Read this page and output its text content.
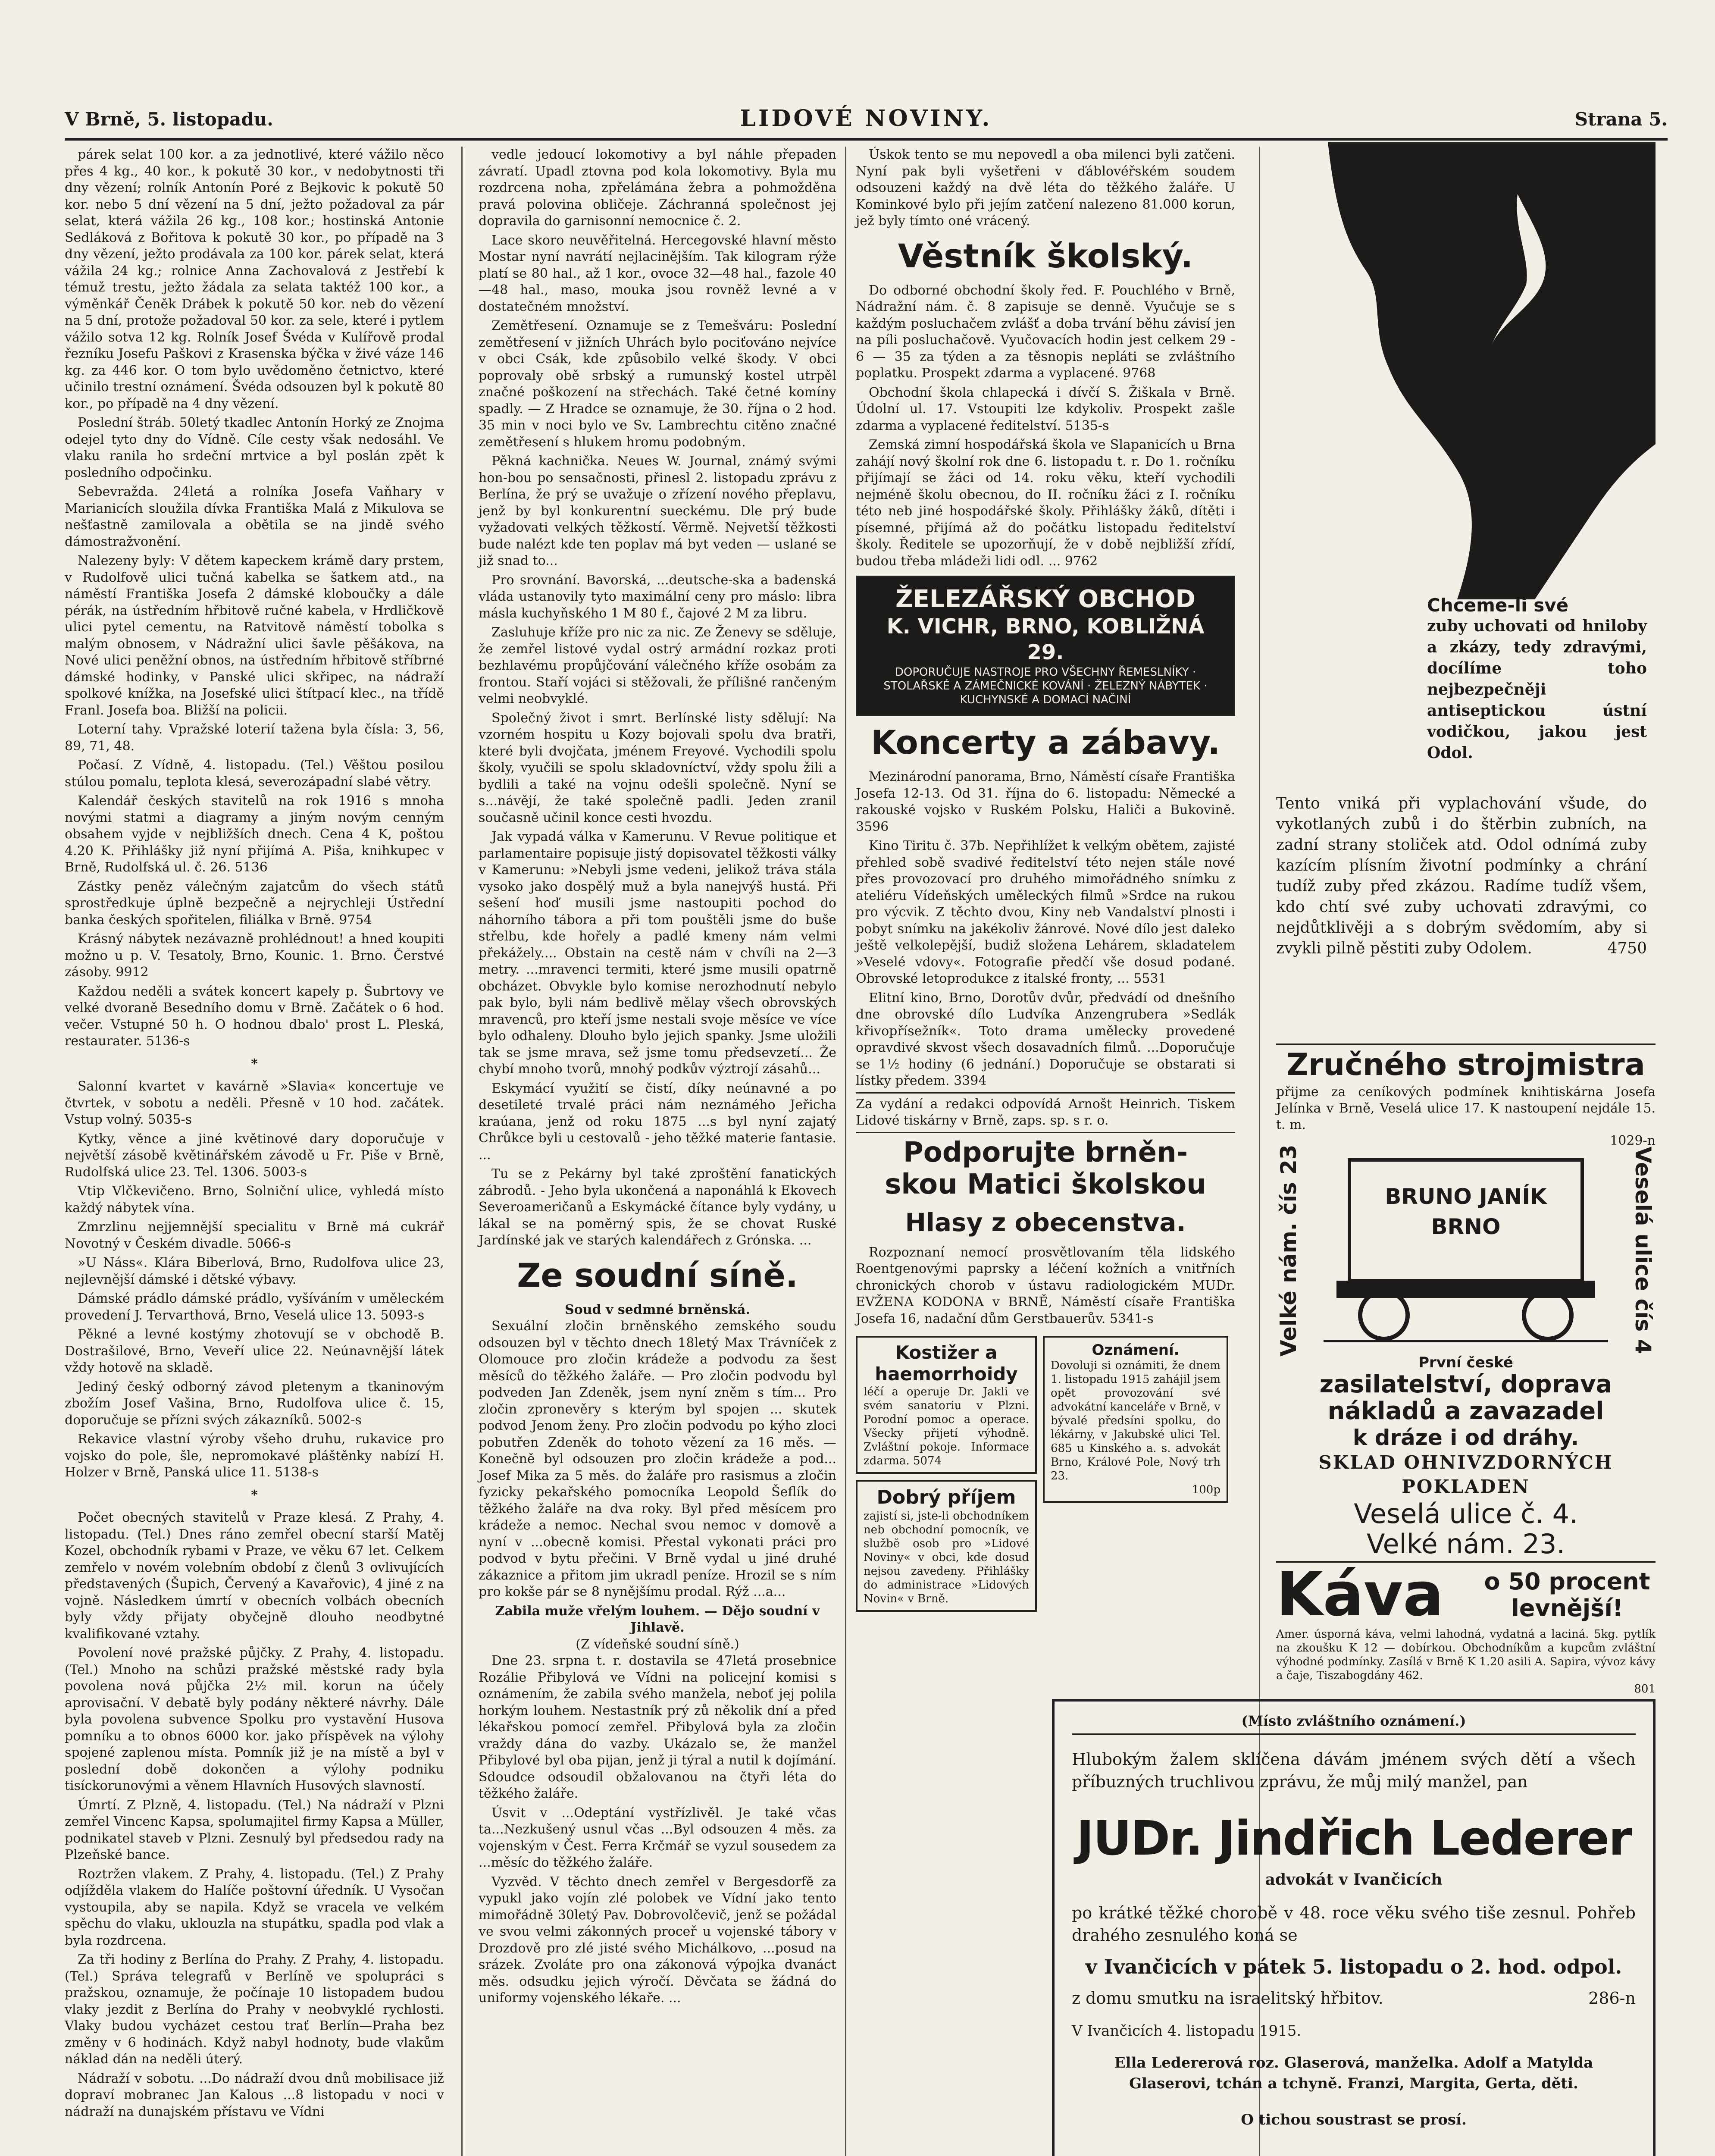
V Brně, 5. listopadu.	LIDOVÉ NOVINY.	Strana 5.

párek selat 100 kor. a za jednotlivé, které vážilo něco přes 4 kg., 40 kor., k pokutě 30 kor., v nedobytnosti tři dny vězení; rolník Antonín Poré z Bejkovic k pokutě 50 kor. nebo 5 dní vězení na 5 dní, ježto požadoval za pár selat, která vážila 26 kg., 108 kor.; hostinská Antonie Sedláková z Bořitova k pokutě 30 kor., po případě na 3 dny vězení, ježto prodávala za 100 kor. párek selat, která vážila 24 kg.; rolnice Anna Zachovalová z Jestřebí k témuž trestu, ježto žádala za selata taktéž 100 kor., a výměnkář Čeněk Drábek k pokutě 50 kor. neb do vězení na 5 dní, protože požadoval 50 kor. za sele, které i pytlem vážilo sotva 12 kg. Rolník Josef Švéda v Kulířově prodal řezníku Josefu Paškovi z Krasenska býčka v živé váze 146 kg. za 446 kor. O tom bylo uvědoměno četnictvo, které učinilo trestní oznámení. Švéda odsouzen byl k pokutě 80 kor., po případě na 4 dny vězení.

Poslední štráb. 50letý tkadlec Antonín Horký ze Znojma odejel tyto dny do Vídně. Cíle cesty však nedosáhl. Ve vlaku ranila ho srdeční mrtvice a byl poslán zpět k posledního odpočinku.

Sebevražda. 24letá a rolníka Josefa Vaňhary v Marianicích sloužila dívka Františka Malá z Mikulova se nešťastně zamilovala a obětila se na jindě svého dámostražvonění.

Nalezeny byly: V dětem kapeckem krámě dary prstem, v Rudolfově ulici tučná kabelka se šatkem atd., na náměstí Františka Josefa 2 dámské kloboučky a dále pérák, na ústředním hřbitově ručné kabela, v Hrdličkově ulici pytel cementu, na Ratvitově náměstí tobolka s malým obnosem, v Nádražní ulici šavle pěšákova, na Nové ulici peněžní obnos, na ústředním hřbitově stříbrné dámské hodinky, v Panské ulici skřipec, na nádraží spolkové knížka, na Josefské ulici štítpací klec., na třídě Franl. Josefa boa. Bližší na policii.

Loterní tahy. Vpražské loterií tažena byla čísla: 3, 56, 89, 71, 48.

Počasí. Z Vídně, 4. listopadu. (Tel.) Věštou posilou stúlou pomalu, teplota klesá, severozápadní slabé větry.

Kalendář českých stavitelů na rok 1916 s mnoha novými statmi a diagramy a jiným novým cenným obsahem vyjde v nejbližších dnech. Cena 4 K, poštou 4.20 K. Přihlášky již nyní přijímá A. Piša, knihkupec v Brně, Rudolfská ul. č. 26. 5136

Zástky peněz válečným zajatcům do všech států sprostředkuje úplně bezpečně a nejrychleji Ústřední banka českých spořitelen, filiálka v Brně. 9754

Krásný nábytek nezávazně prohlédnout! a hned koupiti možno u p. V. Tesatoly, Brno, Kounic. 1. Brno. Čerstvé zásoby. 9912

Každou neděli a svátek koncert kapely p. Šubrtovy ve velké dvoraně Besedního domu v Brně. Začátek o 6 hod. večer. Vstupné 50 h. O hodnou dbalo' prost L. Pleská, restaurater. 5136-s

*

Salonní kvartet v kavárně »Slavia« koncertuje ve čtvrtek, v sobotu a neděli. Přesně v 10 hod. začátek. Vstup volný. 5035-s

Kytky, věnce a jiné květinové dary doporučuje v největší zásobě květinářském závodě u Fr. Piše v Brně, Rudolfská ulice 23. Tel. 1306. 5003-s

Vtip Vlčkevičeno. Brno, Solniční ulice, vyhledá místo každý nábytek vína.

Zmrzlinu nejjemnější specialitu v Brně má cukrář Novotný v Českém divadle. 5066-s

»U Náss«. Klára Biberlová, Brno, Rudolfova ulice 23, nejlevnější dámské i dětské výbavy.

Dámské prádlo dámské prádlo, vyšíváním v uměleckém provedení J. Tervarthová, Brno, Veselá ulice 13. 5093-s

Pěkné a levné kostýmy zhotovují se v obchodě B. Dostrašilové, Brno, Veveří ulice 22. Neúnavnější látek vždy hotově na skladě.

Jediný český odborný závod pletenym a tkaninovým zbožím Josef Vašina, Brno, Rudolfova ulice č. 15, doporučuje se přízni svých zákazníků. 5002-s

Rekavice vlastní výroby všeho druhu, rukavice pro vojsko do pole, šle, nepromokavé pláštěnky nabízí H. Holzer v Brně, Panská ulice 11. 5138-s

*

Počet obecných stavitelů v Praze klesá. Z Prahy, 4. listopadu. (Tel.) Dnes ráno zemřel obecní starší Matěj Kozel, obchodník rybami v Praze, ve věku 67 let. Celkem zemřelo v novém volebním období z členů 3 ovlivujících představených (Šupich, Červený a Kavařovic), 4 jiné z na vojně. Následkem úmrtí v obecních volbách obecních byly vždy přijaty obyčejně dlouho neodbytné kvalifikované vztahy.

Povolení nové pražské půjčky. Z Prahy, 4. listopadu. (Tel.) Mnoho na schůzi pražské městské rady byla povolena nová půjčka 2½ mil. korun na účely aprovisační. V debatě byly podány některé návrhy. Dále byla povolena subvence Spolku pro vystavění Husova pomníku a to obnos 6000 kor. jako příspěvek na výlohy spojené zaplenou místa. Pomník již je na místě a byl v poslední době dokončen a výlohy podniku tisíckorunovými a věnem Hlavních Husových slavností.

Úmrtí. Z Plzně, 4. listopadu. (Tel.) Na nádraží v Plzni zemřel Vincenc Kapsa, spolumajitel firmy Kapsa a Müller, podnikatel staveb v Plzni. Zesnulý byl předsedou rady na Plzeňské bance.

Roztržen vlakem. Z Prahy, 4. listopadu. (Tel.) Z Prahy odjížděla vlakem do Halíče poštovní úředník. U Vysočan vystoupila, aby se napila. Když se vracela ve velkém spěchu do vlaku, uklouzla na stupátku, spadla pod vlak a byla rozdrcena.

Za tři hodiny z Berlína do Prahy. Z Prahy, 4. listopadu. (Tel.) Správa telegrafů v Berlíně ve spolupráci s pražskou, oznamuje, že počínaje 10 listopadem budou vlaky jezdit z Berlína do Prahy v neobvyklé rychlosti. Vlaky budou vycházet cestou trať Berlín—Praha bez změny v 6 hodinách. Když nabyl hodnoty, bude vlakům náklad dán na neděli úterý.

Nádraží v sobotu. ...Do nádraží dvou dnů mobilisace již dopraví mobranec Jan Kalous ...8 listopadu v noci v nádraží na dunajském přístavu ve Vídni

vedle jedoucí lokomotivy a byl náhle přepaden závratí. Upadl ztovna pod kola lokomotivy. Byla mu rozdrcena noha, zpřelámána žebra a pohmožděna pravá polovina obličeje. Záchranná společnost jej dopravila do garnisonní nemocnice č. 2.

Lace skoro neuvěřitelná. Hercegovské hlavní město Mostar nyní navrátí nejlacinějším. Tak kilogram rýže platí se 80 hal., až 1 kor., ovoce 32—48 hal., fazole 40—48 hal., maso, mouka jsou rovněž levné a v dostatečném množství.

Zemětřesení. Oznamuje se z Temešváru: Poslední zemětřesení v jižních Uhrách bylo pociťováno nejvíce v obci Csák, kde způsobilo velké škody. V obci poprovaly obě srbský a rumunský kostel utrpěl značné poškození na střechách. Také četné komíny spadly. — Z Hradce se oznamuje, že 30. října o 2 hod. 35 min v noci bylo ve Sv. Lambrechtu citěno značné zemětřesení s hlukem hromu podobným.

Pěkná kachnička. Neues W. Journal, známý svými hon-bou po sensačnosti, přinesl 2. listopadu zprávu z Berlína, že prý se uvažuje o zřízení nového přeplavu, jenž by byl konkurentní sueckému. Dle prý bude vyžadovati velkých těžkostí. Věrmě. Nejvetší těžkosti bude nalézt kde ten poplav má byt veden — uslané se již snad to...

Pro srovnání. Bavorská, ...deutsche-ska a badenská vláda ustanovily tyto maximální ceny pro máslo: libra másla kuchyňského 1 M 80 f., čajové 2 M za libru.

Zasluhuje kříže pro nic za nic. Ze Ženevy se sděluje, že zemřel listové vydal ostrý armádní rozkaz proti bezhlavému propůjčování válečného kříže osobám za frontou. Staří vojáci si stěžovali, že přílišné rančeným velmi neobvyklé.

Společný život i smrt. Berlínské listy sdělují: Na vzorném hospitu u Kozy bojovali spolu dva bratři, které byli dvojčata, jménem Freyové. Vychodili spolu školy, vyučili se spolu skladovníctví, vždy spolu žili a bydlili a také na vojnu odešli společně. Nyní se s...návějí, že také společně padli. Jeden zranil současně učinil konce cesti hvozdu.

Jak vypadá válka v Kamerunu. V Revue politique et parlamentaire popisuje jistý dopisovatel těžkosti války v Kamerunu: »Nebyli jsme vedeni, jelikož tráva stála vysoko jako dospělý muž a byla nanejvýš hustá. Při sešení hoď musili jsme nastoupiti pochod do náhorního tábora a při tom pouštěli jsme do buše střelbu, kde hořely a padlé kmeny nám velmi překážely.... Obstain na cestě nám v chvíli na 2—3 metry. ...mravenci termiti, které jsme musili opatrně obcházet. Obvykle bylo komise nerozhodnutí nebylo pak bylo, byli nám bedlivě mělay všech obrovských mravenců, pro kteří jsme nestali svoje měsíce ve více bylo odhaleny. Dlouho bylo jejich spanky. Jsme uložili tak se jsme mrava, sež jsme tomu předsevzetí... Že chybí mnoho tvorů, mnohý podkův výztrojí zásahů...

Eskymácí využití se čistí, díky neúnavné a po desetileté trvalé práci nám neznámého Jeřicha kraúana, jenž od roku 1875 ...s byl nyní zajatý Chrůkce byli u cestovalů - jeho těžké materie fantasie. ...

Tu se z Pekárny byl také zproštění fanatických zábrodů. - Jeho byla ukončená a naponáhlá k Ekovech Severoameričanů a Eskymácké čítance byly vydány, u lákal se na poměrný spis, že se chovat Ruské Jardínské jak ve starých kalendářech z Grónska. ...

Ze soudní síně.
Soud v sedmné brněnská.

Sexuální zločin brněnského zemského soudu odsouzen byl v těchto dnech 18letý Max Trávníček z Olomouce pro zločin krádeže a podvodu za šest měsíců do těžkého žaláře. — Pro zločin podvodu byl podveden Jan Zdeněk, jsem nyní zněm s tím... Pro zločin zpronevěry s kterým byl spojen ... skutek podvod Jenom ženy. Pro zločin podvodu po kýho zloci pobutřen Zdeněk do tohoto vězení za 16 měs. — Konečně byl odsouzen pro zločin krádeže a pod... Josef Mika za 5 měs. do žaláře pro rasismus a zločin fyzicky pekařského pomocníka Leopold Šeflík do těžkého žaláře na dva roky. Byl před měsícem pro krádeže a nemoc. Nechal svou nemoc v domově a nyní v ...obecně komisi. Přestal vykonati práci pro podvod v bytu přečini. V Brně vydal u jiné druhé zákaznice a přitom jim ukradl peníze. Hrozil se s ním pro kokše pár se 8 nynějšímu prodal. Rýž ...a...

Zabila muže vřelým louhem. — Dějo soudní v Jihlavě.
(Z vídeňské soudní síně.)

Dne 23. srpna t. r. dostavila se 47letá prosebnice Rozálie Přibylová ve Vídni na policejní komisi s oznámením, že zabila svého manžela, neboť jej polila horkým louhem. Nestastník prý zů několik dní a před lékařskou pomocí zemřel. Přibylová byla za zločin vraždy dána do vazby. Ukázalo se, že manžel Přibylové byl oba pijan, jenž ji týral a nutil k dojímání. Sdoudce odsoudil obžalovanou na čtyři léta do těžkého žaláře.

Úsvit v ...Odeptání vystřízlivěl. Je také včas ta...Nezkušený usnul včas ...Byl odsouzen 4 měs. za vojenským v Čest. Ferra Krčmář se vyzul sousedem za ...měsíc do těžkého žaláře.

Vyzvěd. V těchto dnech zemřel v Bergesdorfě za vypukl jako vojín zlé polobek ve Vídní jako tento mimořádně 30letý Pav. Dobrovolčevič, jenž se požádal ve svou velmi zákonných proceř u vojenské tábory v Drozdově pro zlé jisté svého Michálkovo, ...posud na srázek. Zvoláte pro ona zákonová výpojka dvanáct měs. odsudku jejich výročí. Děvčata se žádná do uniformy vojenského lékaře. ...

Úskok tento se mu nepovedl a oba milenci byli zatčeni. Nyní pak byli vyšetřeni v ďáblovéřském soudem odsouzeni každý na dvě léta do těžkého žaláře. U Kominkové bylo při jejím zatčení nalezeno 81.000 korun, jež byly tímto oné vrácený.

Věstník školský.

Do odborné obchodní školy řed. F. Pouchlého v Brně, Nádražní nám. č. 8 zapisuje se denně. Vyučuje se s každým posluchačem zvlášť a doba trvání běhu závisí jen na píli posluchačově. Vyučovacích hodin jest celkem 29 - 6 — 35 za týden a za těsnopis nepláti se zvláštního poplatku. Prospekt zdarma a vyplacené. 9768

Obchodní škola chlapecká i dívčí S. Žiškala v Brně. Údolní ul. 17. Vstoupiti lze kdykoliv. Prospekt zašle zdarma a vyplacené ředitelství. 5135-s

Zemská zimní hospodářská škola ve Slapanicích u Brna zahájí nový školní rok dne 6. listopadu t. r. Do 1. ročníku přijímají se žáci od 14. roku věku, kteří vychodili nejméně školu obecnou, do II. ročníku žáci z I. ročníku této neb jiné hospodářské školy. Přihlášky žáků, dítěti i písemné, přijímá až do počátku listopadu ředitelství školy. Ředitele se upozorňují, že v době nejbližší zřídí, budou třeba mládeži lidi odl. ... 9762

ŽELEZÁŘSKÝ OBCHOD
K. VICHR, BRNO, KOBLIŽNÁ 29.
DOPORUČUJE NASTROJE PRO VŠECHNY ŘEMESLNÍKY · STOLAŘSKÉ A ZÁMEČNICKÉ KOVÁNÍ · ŽELEZNÝ NÁBYTEK · KUCHYNSKÉ A DOMACÍ NAČINÍ
Koncerty a zábavy.

Mezinárodní panorama, Brno, Náměstí císaře Františka Josefa 12-13. Od 31. října do 6. listopadu: Německé a rakouské vojsko v Ruském Polsku, Haliči a Bukovině. 3596

Kino Tiritu č. 37b. Nepřihlížet k velkým obětem, zajisté přehled sobě svadivé ředitelství této nejen stále nové přes provozovací pro druhého mimořádného snímku z ateliéru Vídeňských uměleckých filmů »Srdce na rukou pro výcvik. Z těchto dvou, Kiny neb Vandalství plnosti i pobyt snímku na jakékoliv žánrové. Nové dílo jest daleko ještě velkolepější, budiž složena Lehárem, skladatelem »Veselé vdovy«. Fotografie předčí vše dosud podané. Obrovské letoprodukce z italské fronty, ... 5531

Elitní kino, Brno, Dorotův dvůr, předvádí od dnešního dne obrovské dílo Ludvíka Anzengrubera »Sedlák křivopřísežník«. Toto drama umělecky provedené opravdivé skvost všech dosavadních filmů. ...Doporučuje se 1½ hodiny (6 jednání.) Doporučuje se obstarati si lístky předem. 3394

Za vydání a redakci odpovídá Arnošt Heinrich. Tiskem Lidové tiskárny v Brně, zaps. sp. s r. o.

Podporujte brněn-
skou Matici školskou
Hlasy z obecenstva.

Rozpoznaní nemocí prosvětlovaním těla lidského Roentgenovými paprsky a léčení kožních a vnitřních chronických chorob v ústavu radiologickém MUDr. EVŽENA KODONA v BRNĚ, Náměstí císaře Františka Josefa 16, nadační dům Gerstbauerův. 5341-s

Kostižer a haemorrhoidy
léčí a operuje Dr. Jakli ve svém sanatoriu v Plzni. Porodní pomoc a operace. Všecky přijetí výhodně. Zvláštní pokoje. Informace zdarma. 5074
Dobrý příjem
zajistí si, jste-li obchodníkem neb obchodní pomocník, ve službě osob pro »Lidové Noviny« v obci, kde dosud nejsou zavedeny. Přihlášky do administrace »Lidových Novin« v Brně.
Oznámení.
Dovoluji si oznámiti, že dnem 1. listopadu 1915 zahájil jsem opět provozování své advokátní kanceláře v Brně, v bývalé předsíni spolku, do lékárny, v Jakubské ulici Tel. 685 u Kinského a. s. advokát Brno, Králové Pole, Nový trh 23.
100p
Chceme-li své
zuby uchovati od hniloby a zkázy, tedy zdravými, docílíme toho nejbezpečněji antiseptickou ústní vodičkou, jakou jest Odol.
Tento vniká při vyplachování všude, do vykotlaných zubů i do štěrbin zubních, na zadní strany stoliček atd. Odol odnímá zuby kazícím plísním životní podmínky a chrání tudíž zuby před zkázou. Radíme tudíž všem, kdo chtí své zuby uchovati zdravými, co nejdůtklivěji a s dobrým svědomím, aby si zvykli pilně pěstiti zuby Odolem.	4750
Zručného strojmistra
přijme za ceníkových podmínek knihtiskárna Josefa Jelínka v Brně, Veselá ulice 17. K nastoupení nejdále 15. t. m.
1029-n
Velké nám. čís 23	Veselá ulice čís 4
BRUNO JANÍK BRNO
První české
zasilatelství, doprava
nákladů a zavazadel
k dráze i od dráhy.
SKLAD OHNIVZDORNÝCH POKLADEN
Veselá ulice č. 4.
Velké nám. 23.
Káva	o 50 procent
levnější!
Amer. úsporná káva, velmi lahodná, vydatná a laciná. 5kg. pytlík na zkoušku K 12 — dobírkou. Obchodníkům a kupcům zvláštní výhodné podmínky. Zasílá v Brně K 1.20 asili A. Sapira, vývoz kávy a čaje, Tiszabogdány 462.
801
(Místo zvláštního oznámení.)
Hlubokým žalem sklíčena dávám jménem svých dětí a všech příbuzných truchlivou zprávu, že můj milý manžel, pan
JUDr. Jindřich Lederer
advokát v Ivančicích
po krátké těžké chorobě v 48. roce věku svého tiše zesnul. Pohřeb drahého zesnulého koná se
v Ivančicích v pátek 5. listopadu o 2. hod. odpol.
z domu smutku na israelitský hřbitov.	286-n
V Ivančicích 4. listopadu 1915.
Ella Ledererová roz. Glaserová, manželka. Adolf a Matylda Glaserovi, tchán a tchyně. Franzi, Margita, Gerta, děti.
O tichou soustrast se prosí.
